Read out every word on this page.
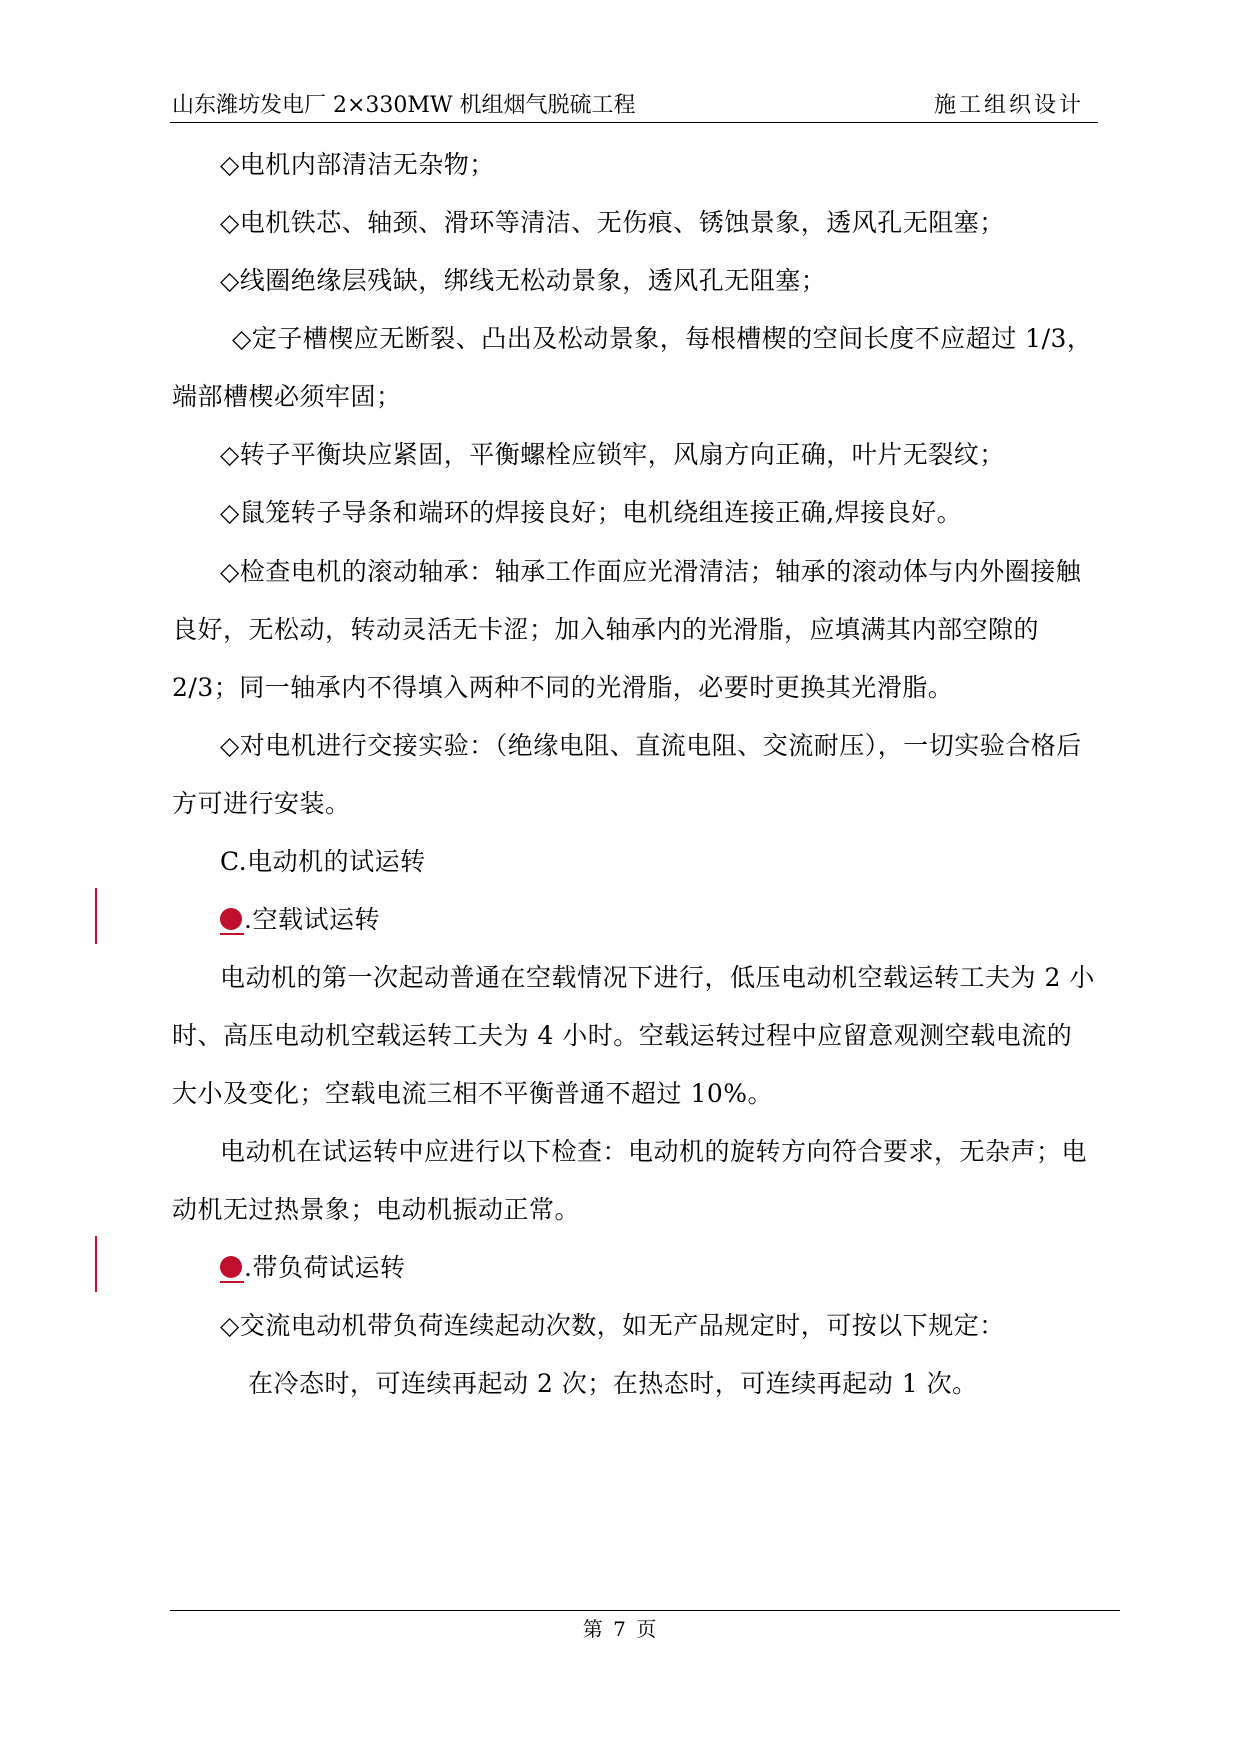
山东潍坊发电厂 2×330MW 机组烟气脱硫工程	施工组织设计
◇电机内部清洁无杂物；
◇电机铁芯、轴颈、滑环等清洁、无伤痕、锈蚀景象，透风孔无阻塞；
◇线圈绝缘层残缺，绑线无松动景象，透风孔无阻塞；
◇定子槽楔应无断裂、凸出及松动景象，每根槽楔的空间长度不应超过 1/3，
端部槽楔必须牢固；
◇转子平衡块应紧固，平衡螺栓应锁牢，风扇方向正确，叶片无裂纹；
◇鼠笼转子导条和端环的焊接良好；电机绕组连接正确,焊接良好。
◇检查电机的滚动轴承：轴承工作面应光滑清洁；轴承的滚动体与内外圈接触
良好，无松动，转动灵活无卡涩；加入轴承内的光滑脂，应填满其内部空隙的
2/3；同一轴承内不得填入两种不同的光滑脂，必要时更换其光滑脂。
◇对电机进行交接实验：（绝缘电阻、直流电阻、交流耐压），一切实验合格后
方可进行安装。
C.电动机的试运转
.空载试运转
电动机的第一次起动普通在空载情况下进行，低压电动机空载运转工夫为 2 小
时、高压电动机空载运转工夫为 4 小时。空载运转过程中应留意观测空载电流的
大小及变化；空载电流三相不平衡普通不超过 10%。
电动机在试运转中应进行以下检查：电动机的旋转方向符合要求，无杂声；电
动机无过热景象；电动机振动正常。
.带负荷试运转
◇交流电动机带负荷连续起动次数，如无产品规定时，可按以下规定：
在冷态时，可连续再起动 2 次；在热态时，可连续再起动 1 次。
第 7 页
